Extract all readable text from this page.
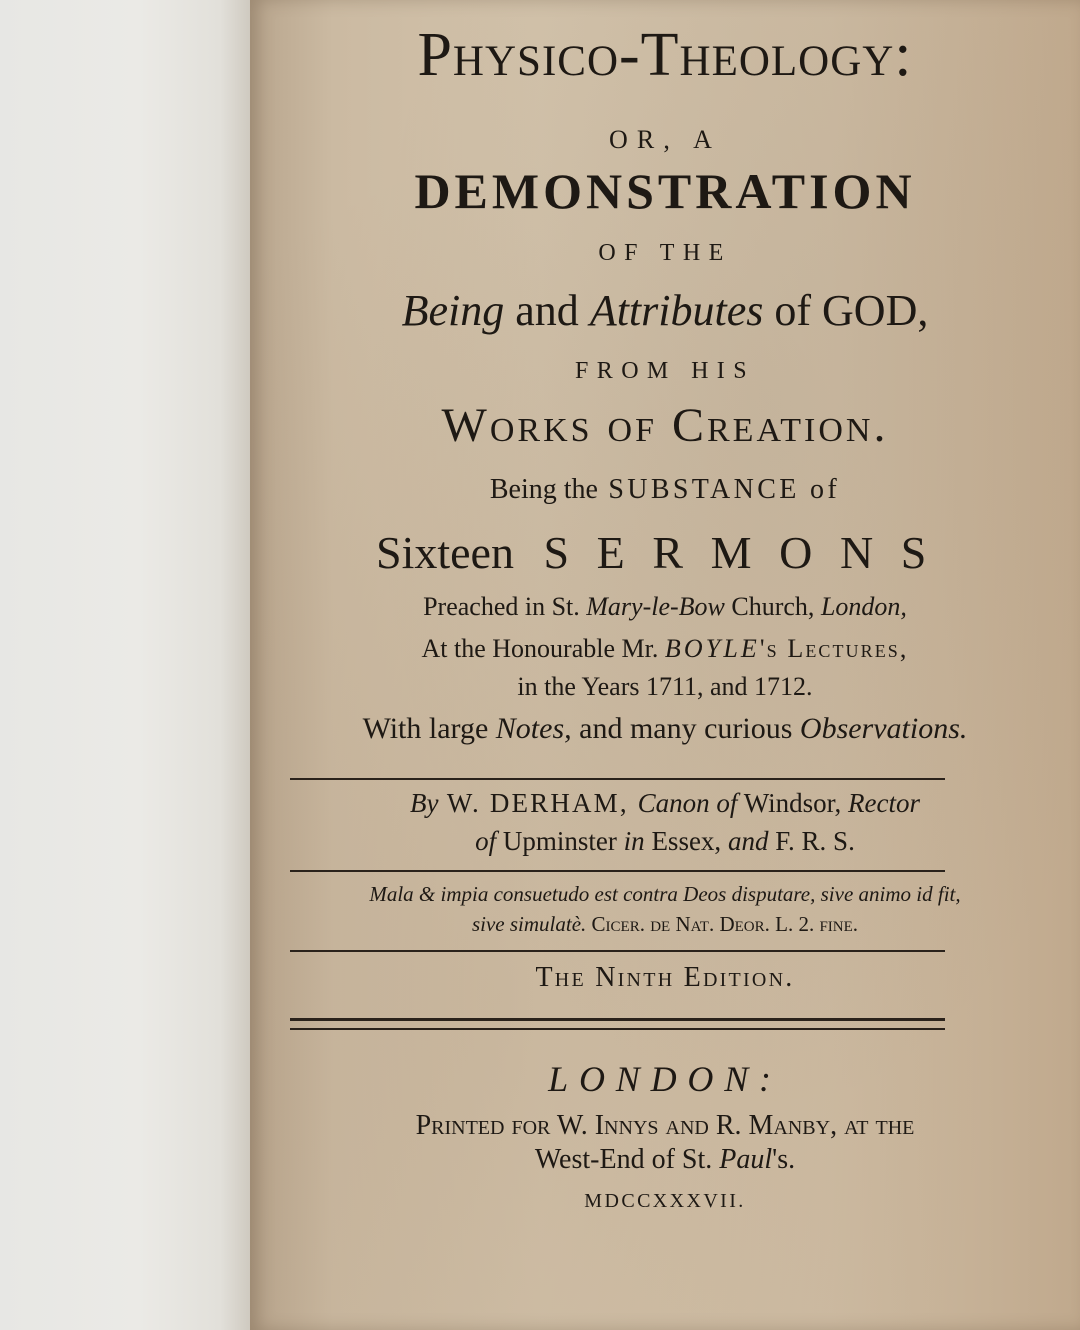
Physico-Theology:
OR, A
DEMONSTRATION
OF THE
Being and Attributes of GOD,
FROM HIS
Works of Creation.
Being the SUBSTANCE of
Sixteen SERMONS
Preached in St. Mary-le-Bow Church, London,
At the Honourable Mr. BOYLE's Lectures,
in the Years 1711, and 1712.
With large Notes, and many curious Observations.
By W. DERHAM, Canon of Windsor, Rector
of Upminster in Essex, and F. R. S.
Mala & impia consuetudo est contra Deos disputare, sive animo id fit,
sive simulatè. Cicer. de Nat. Deor. L. 2. fine.
The Ninth Edition.
LONDON:
Printed for W. Innys and R. Manby, at the
West-End of St. Paul's.
MDCCXXXVII.
